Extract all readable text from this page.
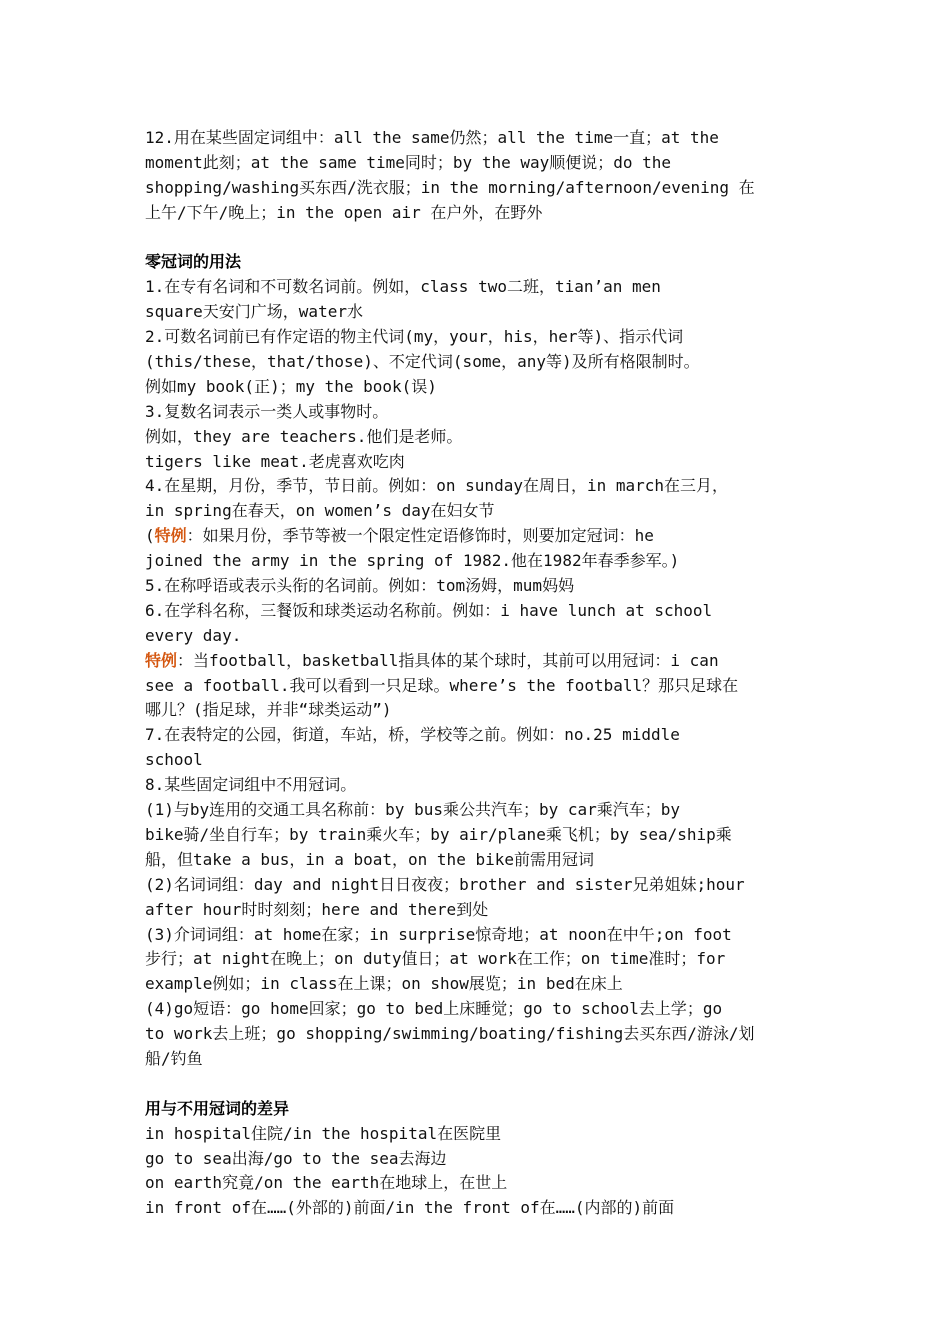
12.用在某些固定词组中：all the same仍然；all the time一直；at the
moment此刻；at the same time同时；by the way顺便说；do the
shopping/washing买东西/洗衣服；in the morning/afternoon/evening 在
上午/下午/晚上；in the open air 在户外，在野外
零冠词的用法
1.在专有名词和不可数名词前。例如，class two二班，tian’an men
square天安门广场，water水
2.可数名词前已有作定语的物主代词(my，your，his，her等)、指示代词
(this/these，that/those)、不定代词(some，any等)及所有格限制时。
例如my book(正)；my the book(误)
3.复数名词表示一类人或事物时。
例如，they are teachers.他们是老师。
tigers like meat.老虎喜欢吃肉
4.在星期，月份，季节，节日前。例如：on sunday在周日，in march在三月，
in spring在春天，on women’s day在妇女节
(特例：如果月份，季节等被一个限定性定语修饰时，则要加定冠词：he
joined the army in the spring of 1982.他在1982年春季参军。)
5.在称呼语或表示头衔的名词前。例如：tom汤姆，mum妈妈
6.在学科名称，三餐饭和球类运动名称前。例如：i have lunch at school
every day.
特例：当football，basketball指具体的某个球时，其前可以用冠词：i can
see a football.我可以看到一只足球。where’s the football？那只足球在
哪儿？(指足球，并非“球类运动”)
7.在表特定的公园，街道，车站，桥，学校等之前。例如：no.25 middle
school
8.某些固定词组中不用冠词。
(1)与by连用的交通工具名称前：by bus乘公共汽车；by car乘汽车；by
bike骑/坐自行车；by train乘火车；by air/plane乘飞机；by sea/ship乘
船，但take a bus，in a boat，on the bike前需用冠词
(2)名词词组：day and night日日夜夜；brother and sister兄弟姐妹;hour
after hour时时刻刻；here and there到处
(3)介词词组：at home在家；in surprise惊奇地；at noon在中午;on foot
步行；at night在晚上；on duty值日；at work在工作；on time准时；for
example例如；in class在上课；on show展览；in bed在床上
(4)go短语：go home回家；go to bed上床睡觉；go to school去上学；go
to work去上班；go shopping/swimming/boating/fishing去买东西/游泳/划
船/钓鱼
用与不用冠词的差异
in hospital住院/in the hospital在医院里
go to sea出海/go to the sea去海边
on earth究竟/on the earth在地球上，在世上
in front of在……(外部的)前面/in the front of在……(内部的)前面
